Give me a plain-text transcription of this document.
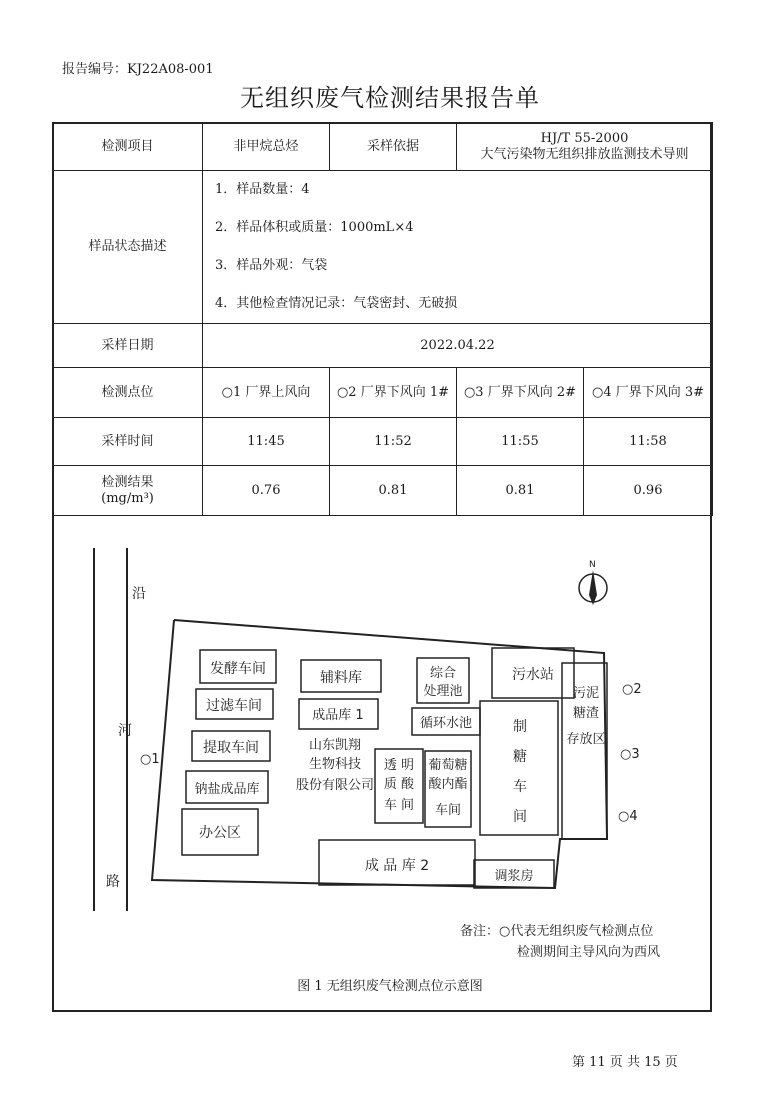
报告编号：KJ22A08-001
无组织废气检测结果报告单
检测项目	非甲烷总烃	采样依据	HJ/T 55-2000
大气污染物无组织排放监测技术导则	

样品状态描述	1．样品数量：4
2．样品体积或质量：1000mL×4
3．样品外观：气袋
4．其他检查情况记录：气袋密封、无破损			

采样日期	2022.04.22			
检测点位	○1 厂界上风向	○2 厂界下风向 1#	○3 厂界下风向 2#	○4 厂界下风向 3#
采样时间	11:45	11:52	11:55	11:58

检测结果
(mg/m³)	0.76	0.81	0.81	0.96
沿
河
路
发酵车间
过滤车间
提取车间
钠盐成品库
办公区
辅料库
成品库 1
综合
处理池
循环水池
污水站
污泥
糖渣
存放区
制
糖
车
间
透 明
质 酸
车 间
葡萄糖
酸内酯
车间
成 品 库 2
调浆房
山东凯翔
生物科技
股份有限公司
○1
○2
○3
○4
备注：○代表无组织废气检测点位
检测期间主导风向为西风
N
图 1 无组织废气检测点位示意图
第 11 页 共 15 页
